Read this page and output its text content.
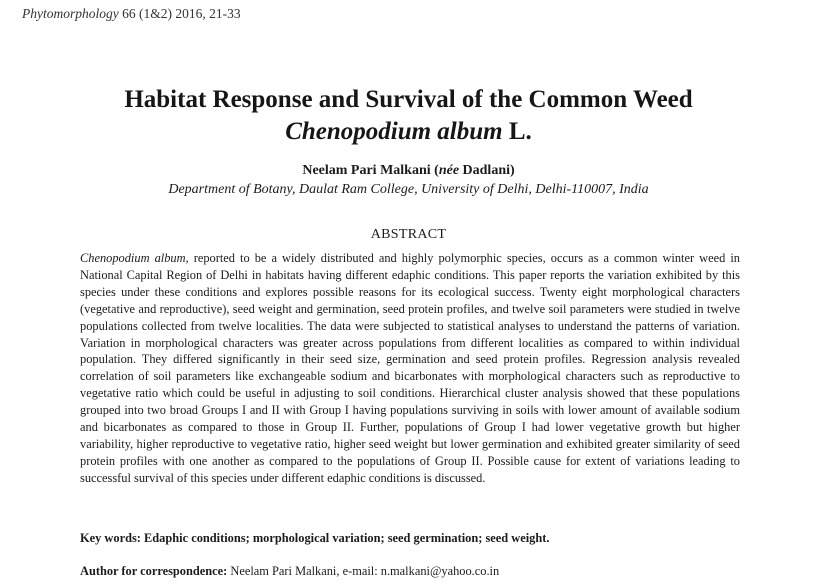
Phytomorphology 66 (1&2) 2016, 21-33
Habitat Response and Survival of the Common Weed
Chenopodium album L.
Neelam Pari Malkani (née Dadlani)
Department of Botany, Daulat Ram College, University of Delhi, Delhi-110007, India
ABSTRACT
Chenopodium album, reported to be a widely distributed and highly polymorphic species, occurs as a common winter weed in National Capital Region of Delhi in habitats having different edaphic conditions. This paper reports the variation exhibited by this species under these conditions and explores possible reasons for its ecological success. Twenty eight morphological characters (vegetative and reproductive), seed weight and germination, seed protein profiles, and twelve soil parameters were studied in twelve populations collected from twelve localities. The data were subjected to statistical analyses to understand the patterns of variation. Variation in morphological characters was greater across populations from different localities as compared to within individual population. They differed significantly in their seed size, germination and seed protein profiles. Regression analysis revealed correlation of soil parameters like exchangeable sodium and bicarbonates with morphological characters such as reproductive to vegetative ratio which could be useful in adjusting to soil conditions. Hierarchical cluster analysis showed that these populations grouped into two broad Groups I and II with Group I having populations surviving in soils with lower amount of available sodium and bicarbonates as compared to those in Group II. Further, populations of Group I had lower vegetative growth but higher variability, higher reproductive to vegetative ratio, higher seed weight but lower germination and exhibited greater similarity of seed protein profiles with one another as compared to the populations of Group II. Possible cause for extent of variations leading to successful survival of this species under different edaphic conditions is discussed.
Key words: Edaphic conditions; morphological variation; seed germination; seed weight.
Author for correspondence: Neelam Pari Malkani, e-mail: n.malkani@yahoo.co.in
